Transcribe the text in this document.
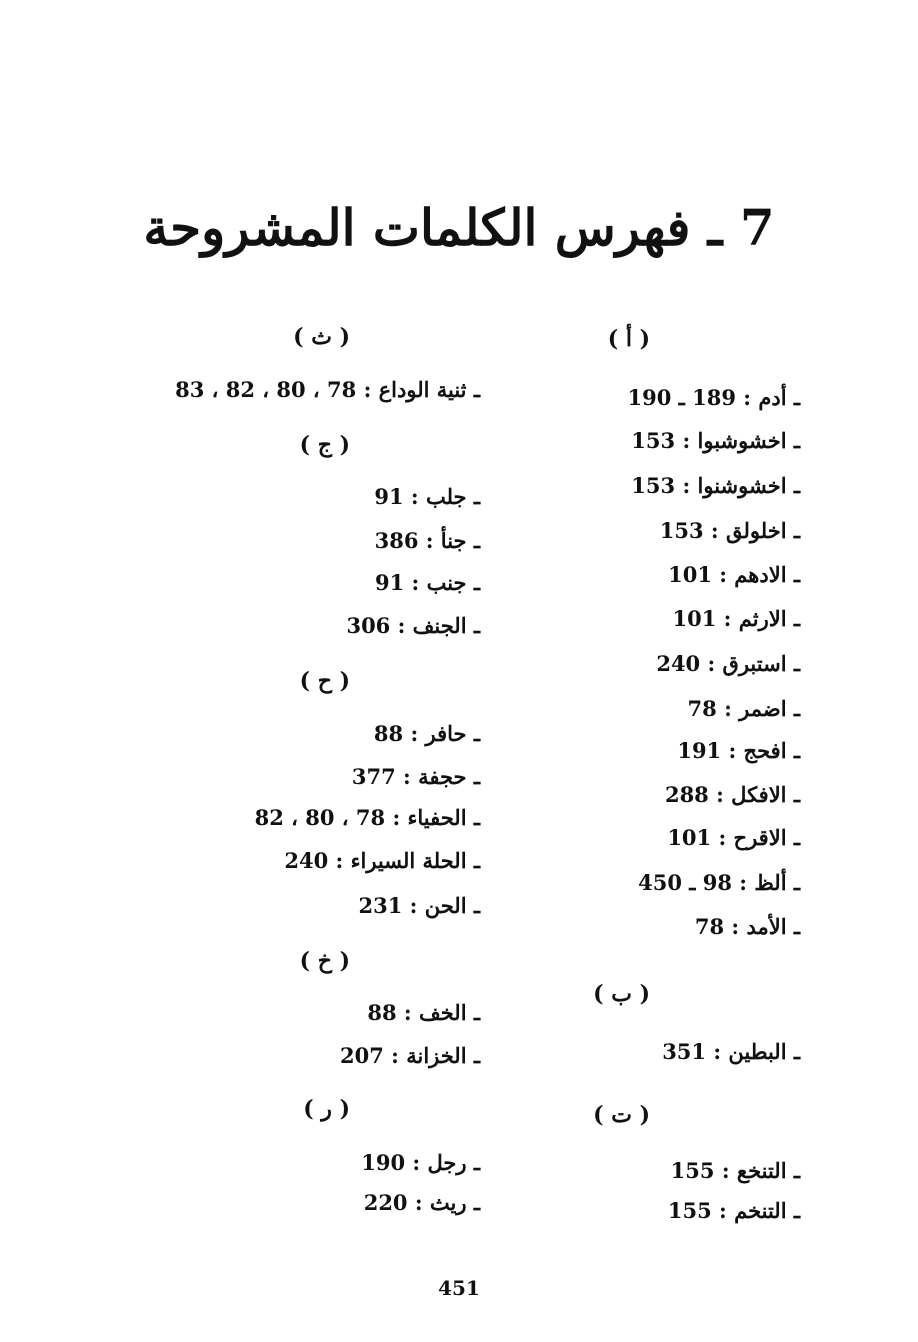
7 ـ فهرس الكلمات المشروحة
( أ )
ـ أدم : 189 ـ 190
ـ اخشوشبوا : 153
ـ اخشوشنوا : 153
ـ اخلولق : 153
ـ الادهم : 101
ـ الارثم : 101
ـ استبرق : 240
ـ اضمر : 78
ـ افحج : 191
ـ الافكل : 288
ـ الاقرح : 101
ـ ألظ : 98 ـ 450
ـ الأمد : 78
( ب )
ـ البطين : 351
( ت )
ـ التنخع : 155
ـ التنخم : 155
( ث )
ـ ثنية الوداع : 78 ، 80 ، 82 ، 83
( ج )
ـ جلب : 91
ـ جنأ : 386
ـ جنب : 91
ـ الجنف : 306
( ح )
ـ حافر : 88
ـ حجفة : 377
ـ الحفياء : 78 ، 80 ، 82
ـ الحلة السيراء : 240
ـ الحن : 231
( خ )
ـ الخف : 88
ـ الخزانة : 207
( ر )
ـ رجل : 190
ـ ريث : 220
451
